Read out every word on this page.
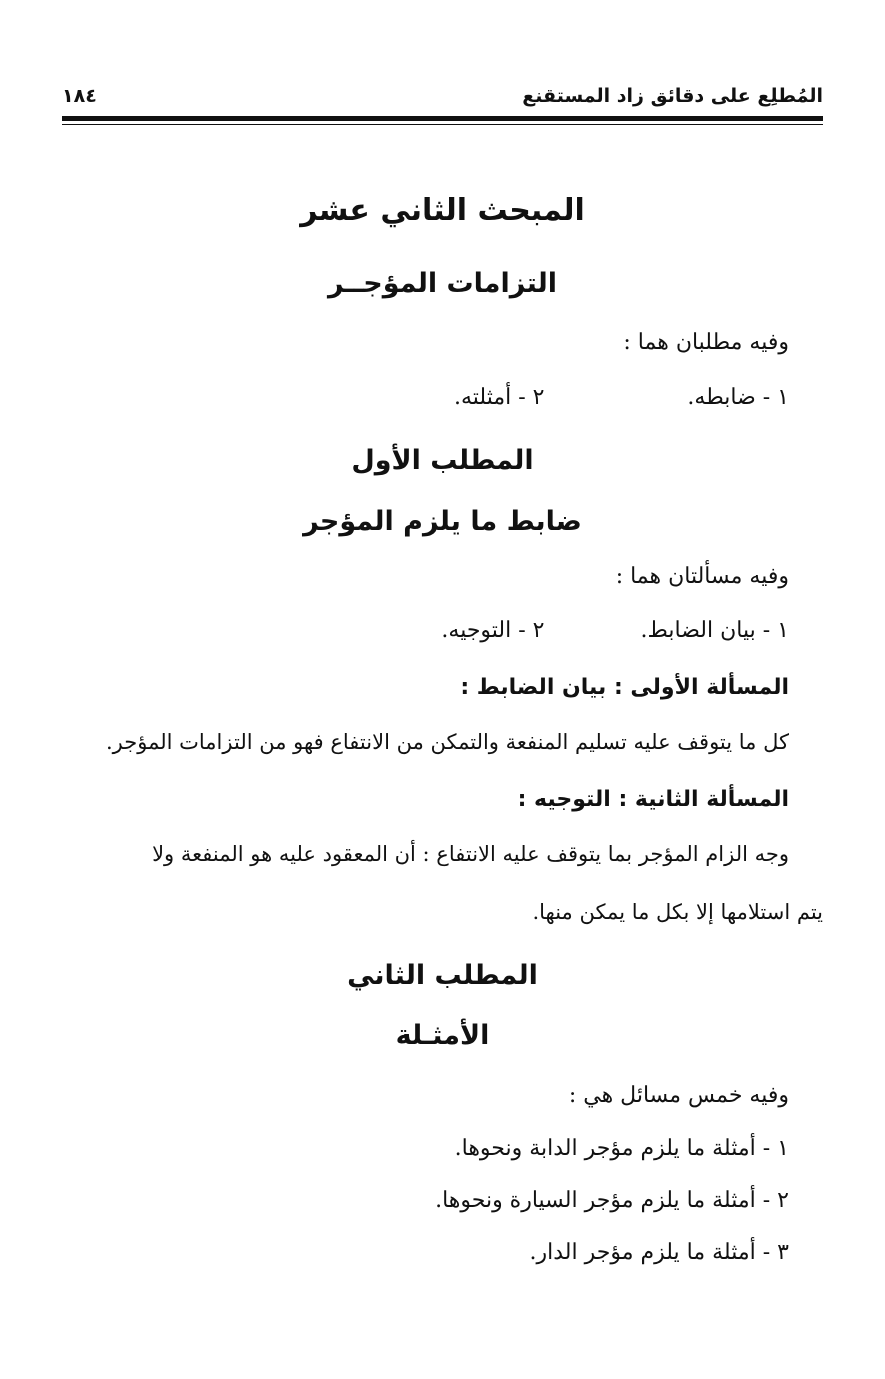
المُطلِع على دقائق زاد المستقنع
١٨٤
المبحث الثاني عشر
التزامات المؤجــر
وفيه مطلبان هما :
١ - ضابطه.
٢ - أمثلته.
المطلب الأول
ضابط ما يلزم المؤجر
وفيه مسألتان هما :
١ - بيان الضابط.
٢ - التوجيه.
المسألة الأولى : بيان الضابط :
كل ما يتوقف عليه تسليم المنفعة والتمكن من الانتفاع فهو من التزامات المؤجر.
المسألة الثانية : التوجيه :
وجه الزام المؤجر بما يتوقف عليه الانتفاع : أن المعقود عليه هو المنفعة ولا
يتم استلامها إلا بكل ما يمكن منها.
المطلب الثاني
الأمثـلة
وفيه خمس مسائل هي :
١ - أمثلة ما يلزم مؤجر الدابة ونحوها.
٢ - أمثلة ما يلزم مؤجر السيارة ونحوها.
٣ - أمثلة ما يلزم مؤجر الدار.
